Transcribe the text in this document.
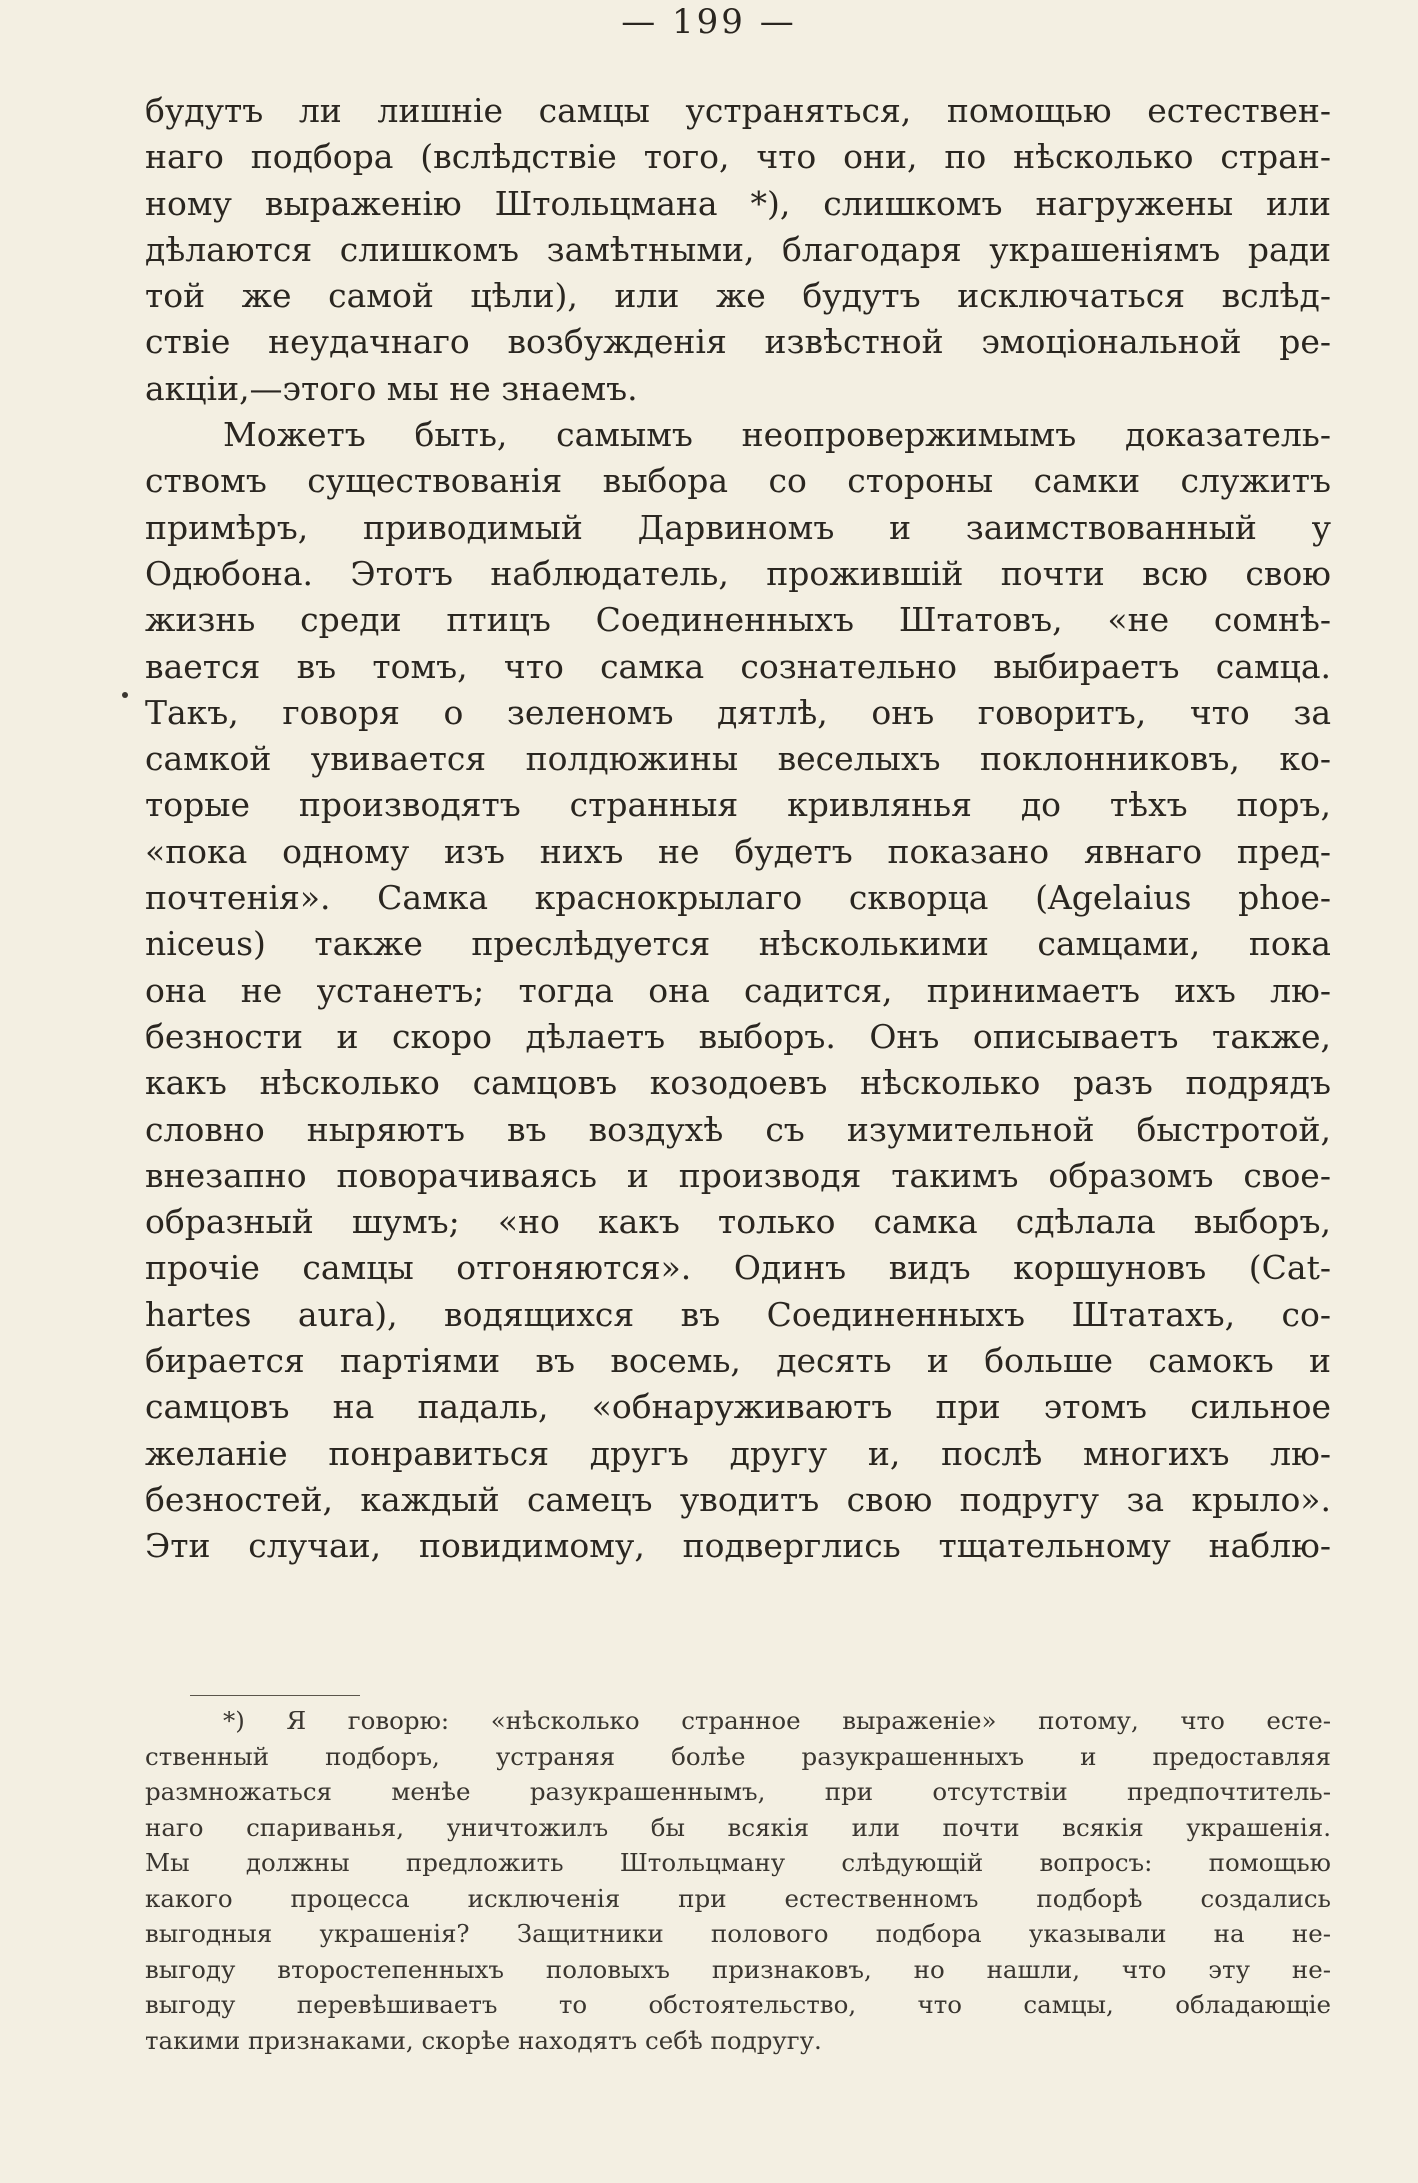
— 199 —

будутъ ли лишніе самцы устраняться, помощью естествен-
наго подбора (вслѣдствіе того, что они, по нѣсколько стран-
ному выраженію Штольцмана *), слишкомъ нагружены или
дѣлаются слишкомъ замѣтными, благодаря украшеніямъ ради
той же самой цѣли), или же будутъ исключаться вслѣд-
ствіе неудачнаго возбужденія извѣстной эмоціональной ре-

акціи,—этого мы не знаемъ.

Можетъ быть, самымъ неопровержимымъ доказатель-
ствомъ существованія выбора со стороны самки служитъ
примѣръ, приводимый Дарвиномъ и заимствованный у
Одюбона. Этотъ наблюдатель, прожившій почти всю свою
жизнь среди птицъ Соединенныхъ Штатовъ, «не сомнѣ-
вается въ томъ, что самка сознательно выбираетъ самца.
Такъ, говоря о зеленомъ дятлѣ, онъ говоритъ, что за
самкой увивается полдюжины веселыхъ поклонниковъ, ко-
торые производятъ странныя кривлянья до тѣхъ поръ,
«пока одному изъ нихъ не будетъ показано явнаго пред-
почтенія». Самка краснокрылаго скворца (Agelaius phoe-
niceus) также преслѣдуется нѣсколькими самцами, пока
она не устанетъ; тогда она садится, принимаетъ ихъ лю-
безности и скоро дѣлаетъ выборъ. Онъ описываетъ также,
какъ нѣсколько самцовъ козодоевъ нѣсколько разъ подрядъ
словно ныряютъ въ воздухѣ съ изумительной быстротой,
внезапно поворачиваясь и производя такимъ образомъ свое-
образный шумъ; «но какъ только самка сдѣлала выборъ,
прочіе самцы отгоняются». Одинъ видъ коршуновъ (Cat-
hartes aura), водящихся въ Соединенныхъ Штатахъ, со-
бирается партіями въ восемь, десять и больше самокъ и
самцовъ на падаль, «обнаруживаютъ при этомъ сильное
желаніе понравиться другъ другу и, послѣ многихъ лю-
безностей, каждый самецъ уводитъ свою подругу за крыло».
Эти случаи, повидимому, подверглись тщательному наблю-

*) Я говорю: «нѣсколько странное выраженіе» потому, что есте-
ственный подборъ, устраняя болѣе разукрашенныхъ и предоставляя
размножаться менѣе разукрашеннымъ, при отсутствіи предпочтитель-
наго спариванья, уничтожилъ бы всякія или почти всякія украшенія.
Мы должны предложить Штольцману слѣдующій вопросъ: помощью
какого процесса исключенія при естественномъ подборѣ создались
выгодныя украшенія? Защитники полового подбора указывали на не-
выгоду второстепенныхъ половыхъ признаковъ, но нашли, что эту не-
выгоду перевѣшиваетъ то обстоятельство, что самцы, обладающіе

такими признаками, скорѣе находятъ себѣ подругу.
